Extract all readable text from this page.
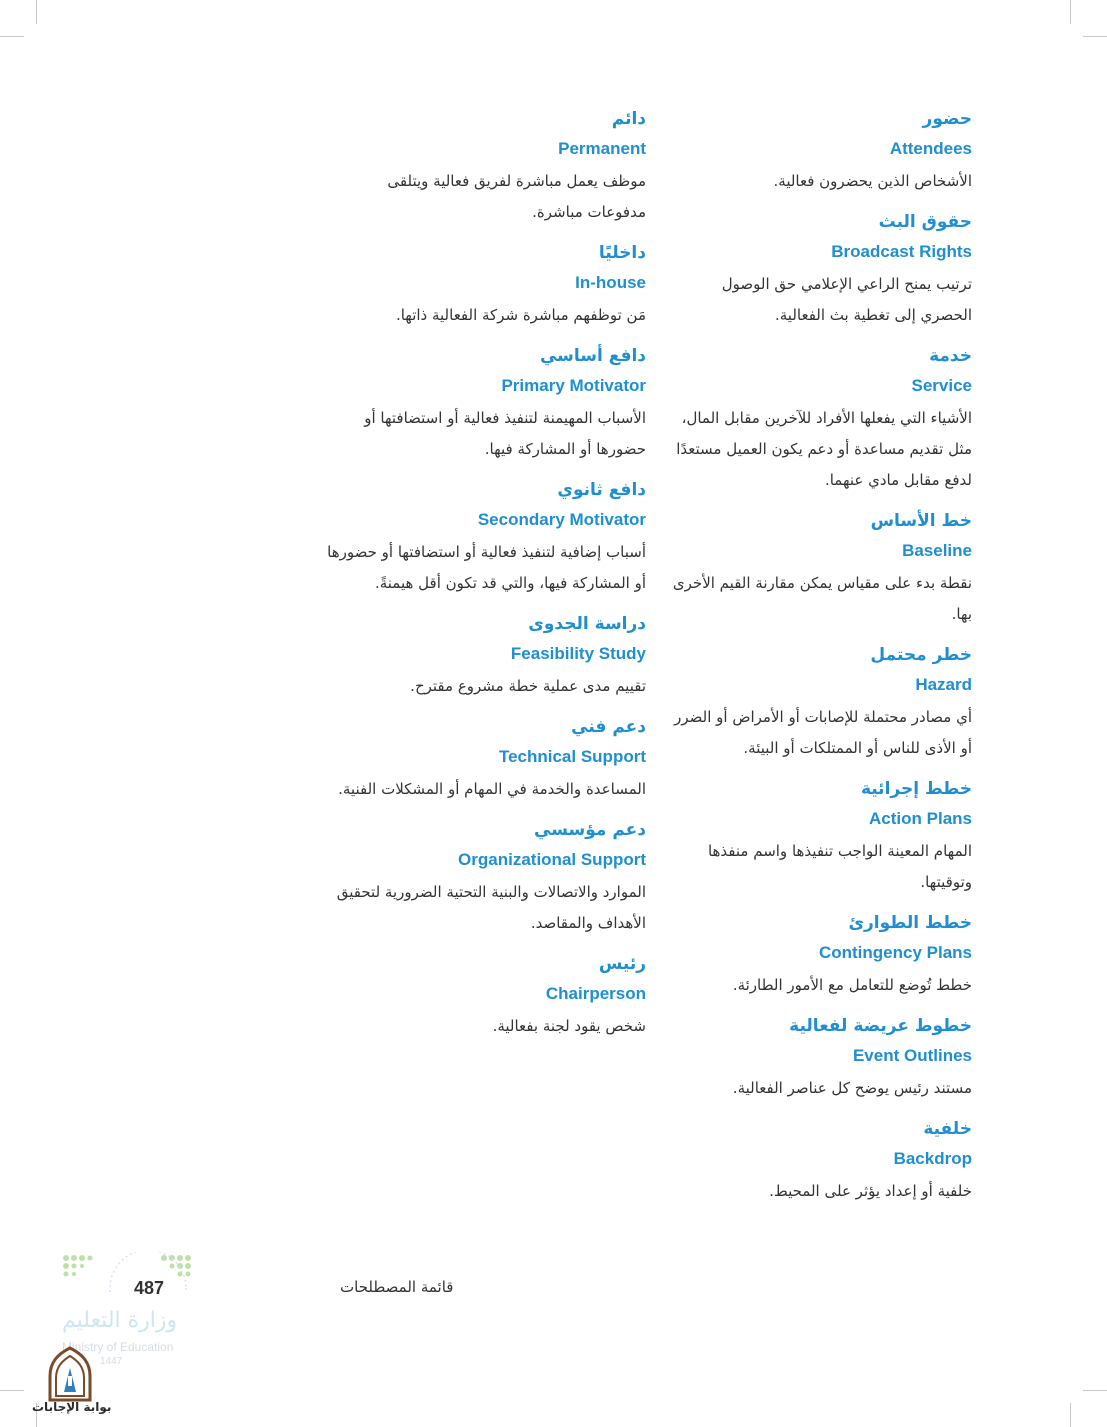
حضور
Attendees
الأشخاص الذين يحضرون فعالية.
حقوق البث
Broadcast Rights
ترتيب يمنح الراعي الإعلامي حق الوصول الحصري إلى تغطية بث الفعالية.
خدمة
Service
الأشياء التي يفعلها الأفراد للآخرين مقابل المال، مثل تقديم مساعدة أو دعم يكون العميل مستعدًا لدفع مقابل مادي عنهما.
خط الأساس
Baseline
نقطة بدء على مقياس يمكن مقارنة القيم الأخرى بها.
خطر محتمل
Hazard
أي مصادر محتملة للإصابات أو الأمراض أو الضرر أو الأذى للناس أو الممتلكات أو البيئة.
خطط إجرائية
Action Plans
المهام المعينة الواجب تنفيذها واسم منفذها وتوقيتها.
خطط الطوارئ
Contingency Plans
خطط تُوضع للتعامل مع الأمور الطارئة.
خطوط عريضة لفعالية
Event Outlines
مستند رئيس يوضح كل عناصر الفعالية.
خلفية
Backdrop
خلفية أو إعداد يؤثر على المحيط.
دائم
Permanent
موظف يعمل مباشرة لفريق فعالية ويتلقى مدفوعات مباشرة.
داخليًا
In-house
مَن توظفهم مباشرة شركة الفعالية ذاتها.
دافع أساسي
Primary Motivator
الأسباب المهيمنة لتنفيذ فعالية أو استضافتها أو حضورها أو المشاركة فيها.
دافع ثانوي
Secondary Motivator
أسباب إضافية لتنفيذ فعالية أو استضافتها أو حضورها أو المشاركة فيها، والتي قد تكون أقل هيمنةً.
دراسة الجدوى
Feasibility Study
تقييم مدى عملية خطة مشروع مقترح.
دعم فني
Technical Support
المساعدة والخدمة في المهام أو المشكلات الفنية.
دعم مؤسسي
Organizational Support
الموارد والاتصالات والبنية التحتية الضرورية لتحقيق الأهداف والمقاصد.
رئيس
Chairperson
شخص يقود لجنة بفعالية.
قائمة المصطلحات
487
وزارة التعليم
Ministry of Education
1447
بوابة الإجابات
